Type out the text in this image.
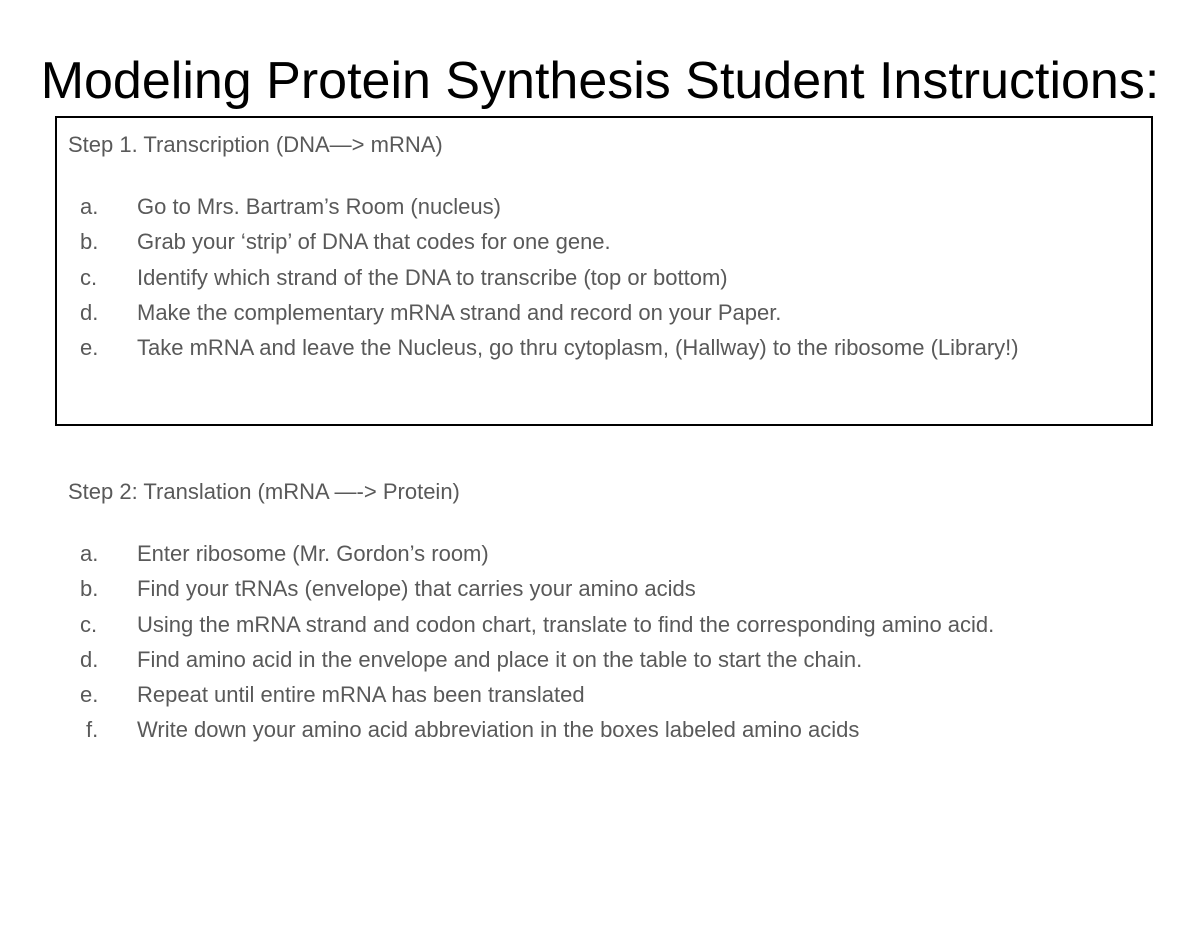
Modeling Protein Synthesis Student Instructions:
Step 1. Transcription (DNA—> mRNA)
a.	Go to Mrs. Bartram’s Room (nucleus)
b.	Grab your ‘strip’ of DNA that codes for one gene.
c.	Identify which strand of the DNA to transcribe (top or bottom)
d.	Make the complementary mRNA strand and record on your Paper.
e.	Take mRNA and leave the Nucleus, go thru cytoplasm, (Hallway) to the ribosome (Library!)
Step 2: Translation (mRNA —-> Protein)
a.	Enter ribosome (Mr. Gordon’s room)
b.	Find your tRNAs (envelope) that carries your amino acids
c.	Using the mRNA strand and codon chart, translate to find the corresponding amino acid.
d.	Find amino acid in the envelope and place it on the table to start the chain.
e.	Repeat until entire mRNA has been translated
f.	Write down your amino acid abbreviation in the boxes labeled amino acids
